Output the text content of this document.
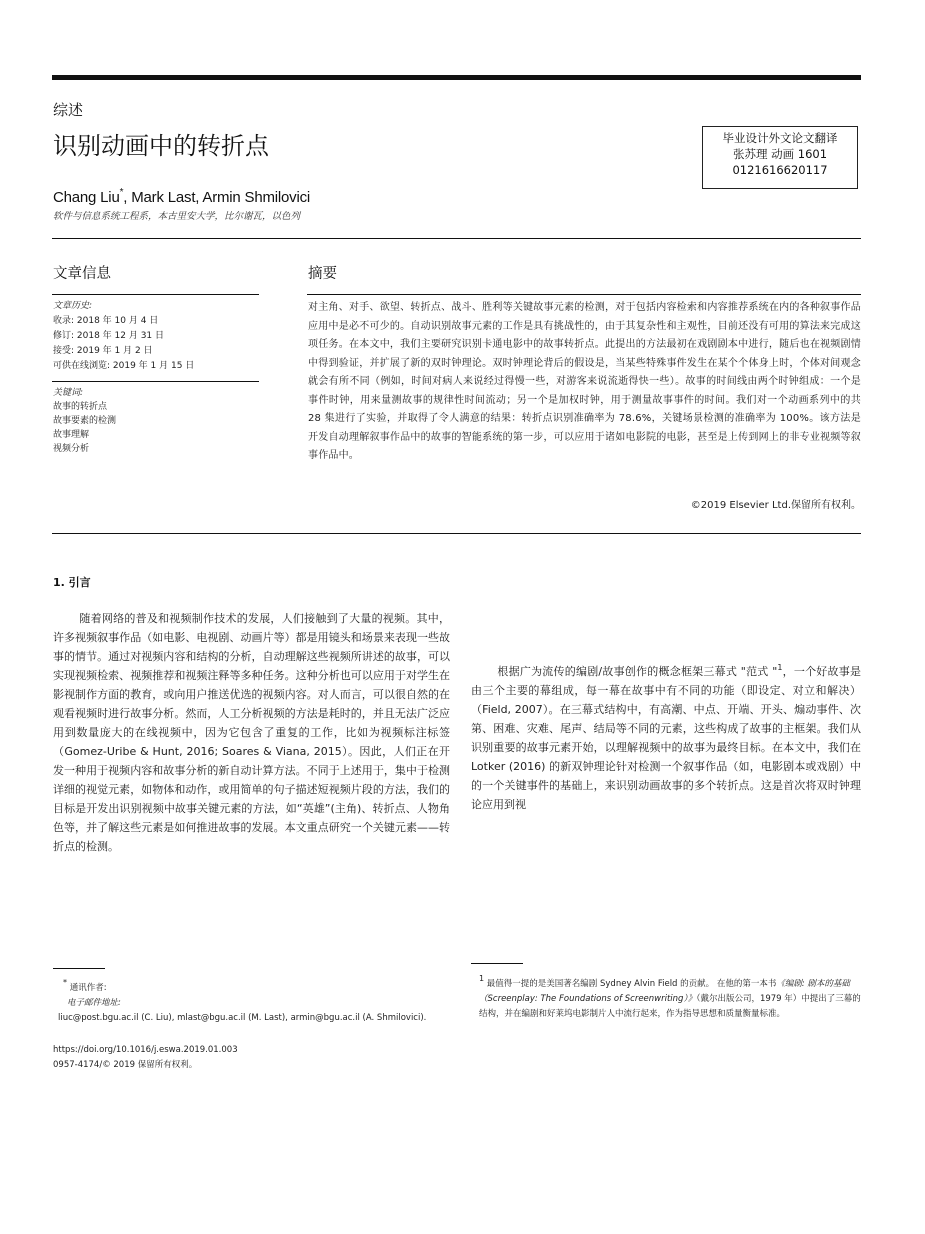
综述
识别动画中的转折点	毕业设计外文论文翻译
张苏理 动画 1601
0121616620117
Chang Liu*, Mark Last, Armin Shmilovici
软件与信息系统工程系，本古里安大学，比尔谢瓦，以色列
文章信息
文章历史:
收录: 2018 年 10 月 4 日
修订: 2018 年 12 月 31 日
接受: 2019 年 1 月 2 日
可供在线浏览: 2019 年 1 月 15 日
关键词:
故事的转折点
故事要素的检测
故事理解
视频分析
摘要
对主角、对手、欲望、转折点、战斗、胜利等关键故事元素的检测，对于包括内容检索和内容推荐系统在内的各种叙事作品应用中是必不可少的。自动识别故事元素的工作是具有挑战性的，由于其复杂性和主观性，目前还没有可用的算法来完成这项任务。在本文中，我们主要研究识别卡通电影中的故事转折点。此提出的方法最初在戏剧剧本中进行，随后也在视频剧情中得到验证，并扩展了新的双时钟理论。双时钟理论背后的假设是，当某些特殊事件发生在某个个体身上时，个体对间观念就会有所不同（例如，时间对病人来说经过得慢一些，对游客来说流逝得快一些）。故事的时间线由两个时钟组成：一个是事件时钟，用来量测故事的规律性时间流动；另一个是加权时钟，用于测量故事事件的时间。我们对一个动画系列中的共 28 集进行了实验，并取得了令人满意的结果：转折点识别准确率为 78.6%，关键场景检测的准确率为 100%。该方法是开发自动理解叙事作品中的故事的智能系统的第一步，可以应用于诸如电影院的电影，甚至是上传到网上的非专业视频等叙事作品中。
©2019 Elsevier Ltd.保留所有权利。
1. 引言
随着网络的普及和视频制作技术的发展，人们接触到了大量的视频。其中，许多视频叙事作品（如电影、电视剧、动画片等）都是用镜头和场景来表现一些故事的情节。通过对视频内容和结构的分析，自动理解这些视频所讲述的故事，可以实现视频检索、视频推荐和视频注释等多种任务。这种分析也可以应用于对学生在影视制作方面的教育，或向用户推送优选的视频内容。对人而言，可以很自然的在观看视频时进行故事分析。然而，人工分析视频的方法是耗时的，并且无法广泛应用到数量庞大的在线视频中，因为它包含了重复的工作，比如为视频标注标签（Gomez-Uribe & Hunt, 2016; Soares & Viana, 2015）。因此，人们正在开发一种用于视频内容和故事分析的新自动计算方法。不同于上述用于，集中于检测详细的视觉元素，如物体和动作，或用简单的句子描述短视频片段的方法，我们的目标是开发出识别视频中故事关键元素的方法，如“英雄”(主角)、转折点、人物角色等，并了解这些元素是如何推进故事的发展。本文重点研究一个关键元素——转折点的检测。
根据广为流传的编剧/故事创作的概念框架三幕式 "范式 "$^1$，一个好故事是由三个主要的幕组成，每一幕在故事中有不同的功能（即设定、对立和解决）（Field, 2007）。在三幕式结构中，有高潮、中点、开端、开头、煽动事件、次第、困难、灾难、尾声、结局等不同的元素，这些构成了故事的主框架。我们从识别重要的故事元素开始，以理解视频中的故事为最终目标。在本文中，我们在 Lotker (2016) 的新双钟理论针对检测一个叙事作品（如，电影剧本或戏剧）中的一个关键事件的基础上，来识别动画故事的多个转折点。这是首次将双时钟理论应用到视
* 通讯作者:
电子邮件地址:
liuc@post.bgu.ac.il (C. Liu), mlast@bgu.ac.il (M. Last), armin@bgu.ac.il (A. Shmilovici).
https://doi.org/10.1016/j.eswa.2019.01.003
0957-4174/© 2019 保留所有权利。
$^1$ 最值得一提的是美国著名编剧 Sydney Alvin Field 的贡献。 在他的第一本书《编剧: 剧本的基础（Screenplay: The Foundations of Screenwriting）》（戴尔出版公司，1979 年）中提出了三幕的结构，并在编剧和好莱坞电影制片人中流行起来，作为指导思想和质量衡量标准。
